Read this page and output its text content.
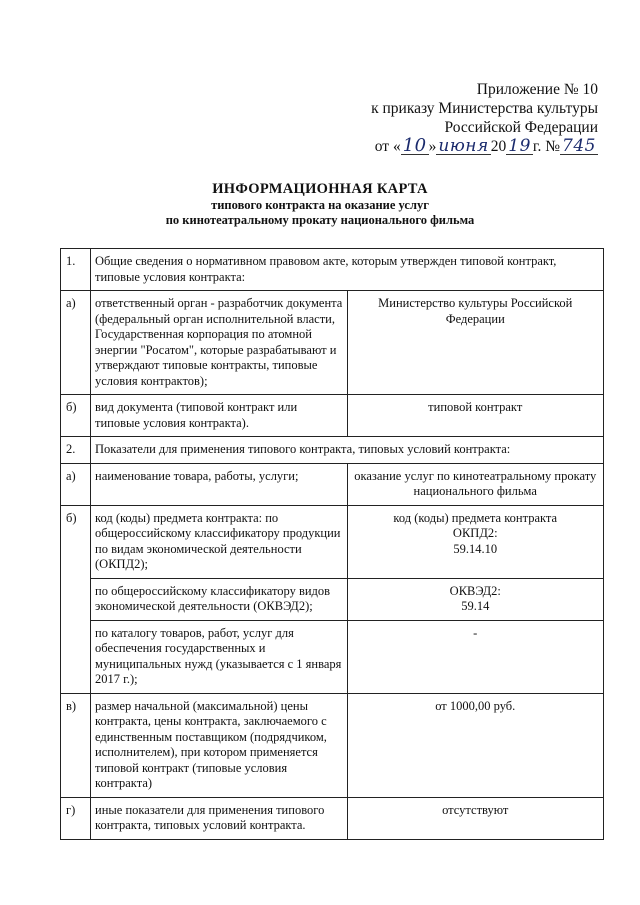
Приложение № 10
к приказу Министерства культуры
Российской Федерации
от « 10 » июня 20 19 г. № 745
ИНФОРМАЦИОННАЯ КАРТА
типового контракта на оказание услуг
по кинотеатральному прокату национального фильма
1.	Общие сведения о нормативном правовом акте, которым утвержден типовой контракт, типовые условия контракта:	
а)	ответственный орган - разработчик документа (федеральный орган исполнительной власти, Государственная корпорация по атомной энергии "Росатом", которые разрабатывают и утверждают типовые контракты, типовые условия контрактов);	Министерство культуры Российской Федерации
б)	вид документа (типовой контракт или типовые условия контракта).	типовой контракт
2.	Показатели для применения типового контракта, типовых условий контракта:	
а)	наименование товара, работы, услуги;	оказание услуг по кинотеатральному прокату национального фильма
б)	код (коды) предмета контракта: по общероссийскому классификатору продукции по видам экономической деятельности (ОКПД2);	код (коды) предмета контракта
ОКПД2:
59.14.10

	по общероссийскому классификатору видов экономической деятельности (ОКВЭД2);	ОКВЭД2:
59.14

	по каталогу товаров, работ, услуг для обеспечения государственных и муниципальных нужд (указывается с 1 января 2017 г.);	-
в)	размер начальной (максимальной) цены контракта, цены контракта, заключаемого с единственным поставщиком (подрядчиком, исполнителем), при котором применяется типовой контракт (типовые условия контракта)	от 1000,00 руб.
г)	иные показатели для применения типового контракта, типовых условий контракта.	отсутствуют
